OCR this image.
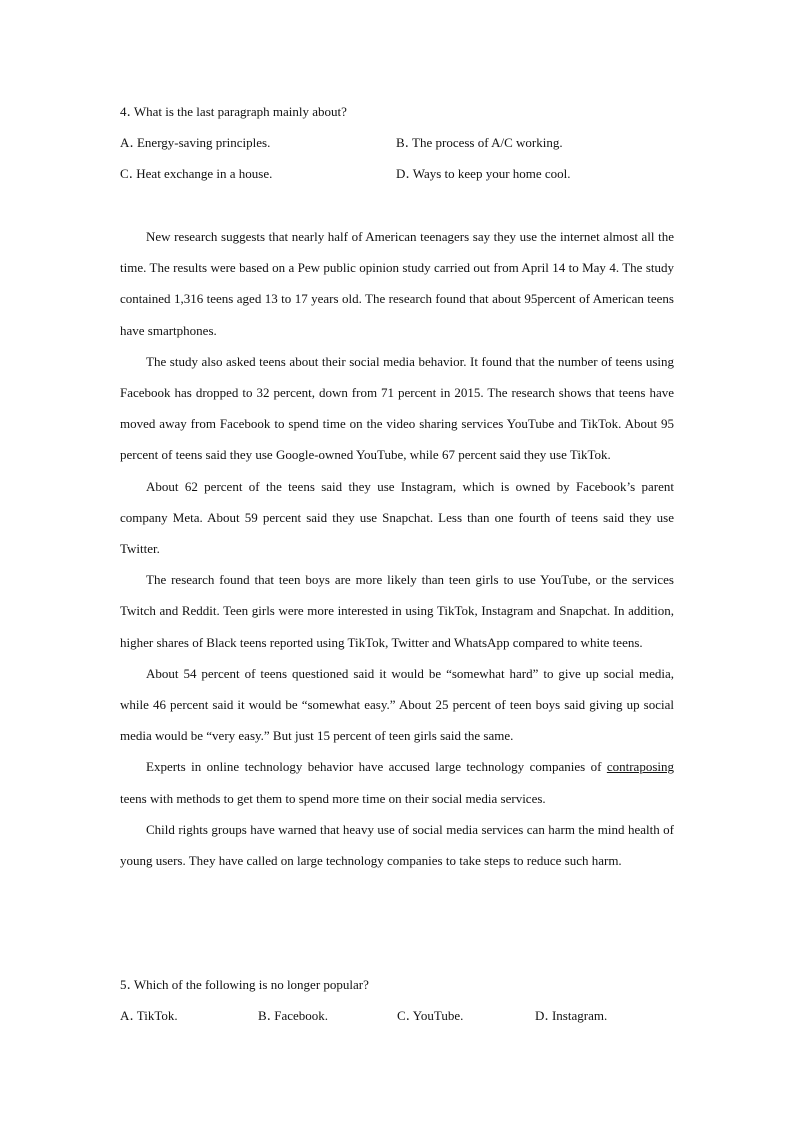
4․ What is the last paragraph mainly about?
A․ Energy-saving principles.	B․ The process of A/C working.
C․ Heat exchange in a house.	D․ Ways to keep your home cool.

New research suggests that nearly half of American teenagers say they use the internet almost all the time. The results were based on a Pew public opinion study carried out from April 14 to May 4. The study contained 1,316 teens aged 13 to 17 years old. The research found that about 95percent of American teens have smartphones.

The study also asked teens about their social media behavior. It found that the number of teens using Facebook has dropped to 32 percent, down from 71 percent in 2015. The research shows that teens have moved away from Facebook to spend time on the video sharing services YouTube and TikTok. About 95 percent of teens said they use Google-owned YouTube, while 67 percent said they use TikTok.

About 62 percent of the teens said they use Instagram, which is owned by Facebook’s parent company Meta. About 59 percent said they use Snapchat. Less than one fourth of teens said they use Twitter.

The research found that teen boys are more likely than teen girls to use YouTube, or the services Twitch and Reddit. Teen girls were more interested in using TikTok, Instagram and Snapchat. In addition, higher shares of Black teens reported using TikTok, Twitter and WhatsApp compared to white teens.

About 54 percent of teens questioned said it would be “somewhat hard” to give up social media, while 46 percent said it would be “somewhat easy.” About 25 percent of teen boys said giving up social media would be “very easy.” But just 15 percent of teen girls said the same.

Experts in online technology behavior have accused large technology companies of contraposing teens with methods to get them to spend more time on their social media services.

Child rights groups have warned that heavy use of social media services can harm the mind health of young users. They have called on large technology companies to take steps to reduce such harm.

5․ Which of the following is no longer popular?
A․ TikTok.	B․ Facebook.	C․ YouTube.	D․ Instagram.
